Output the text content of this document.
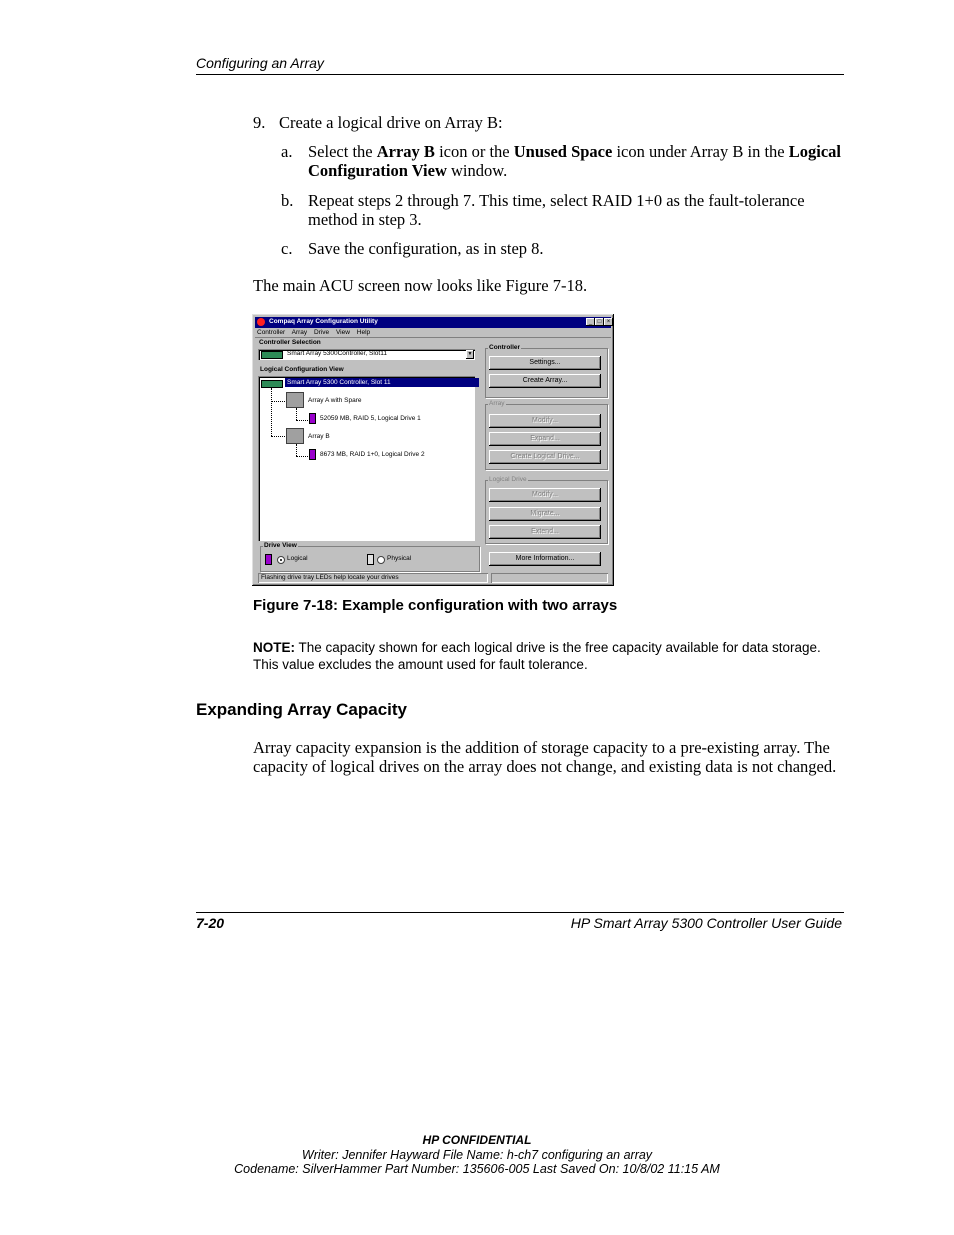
Configuring an Array
9. Create a logical drive on Array B:
a. Select the Array B icon or the Unused Space icon under Array B in the Logical Configuration View window.
b. Repeat steps 2 through 7. This time, select RAID 1+0 as the fault-tolerance method in step 3.
c. Save the configuration, as in step 8.
The main ACU screen now looks like Figure 7-18.
Compaq Array Configuration Utility	_ □ ×
Controller Array Drive View Help
Controller Selection
Smart Array 5300Controller, Slot11	▼
Logical Configuration View
Smart Array 5300 Controller, Slot 11
Array A with Spare
52059 MB, RAID 5, Logical Drive 1
Array B
8673 MB, RAID 1+0, Logical Drive 2
Drive View
Logical	Physical
Controller
Settings...
Create Array...
Array
Modify...
Expand...
Create Logical Drive...
Logical Drive
Modify...
Migrate...
Extend...
More Information...
Flashing drive tray LEDs help locate your drives
Figure 7-18: Example configuration with two arrays
NOTE: The capacity shown for each logical drive is the free capacity available for data storage. This value excludes the amount used for fault tolerance.
Expanding Array Capacity
Array capacity expansion is the addition of storage capacity to a pre-existing array. The capacity of logical drives on the array does not change, and existing data is not changed.
7-20	HP Smart Array 5300 Controller User Guide
HP CONFIDENTIAL
Writer: Jennifer Hayward File Name: h-ch7 configuring an array
Codename: SilverHammer Part Number: 135606-005 Last Saved On: 10/8/02 11:15 AM
